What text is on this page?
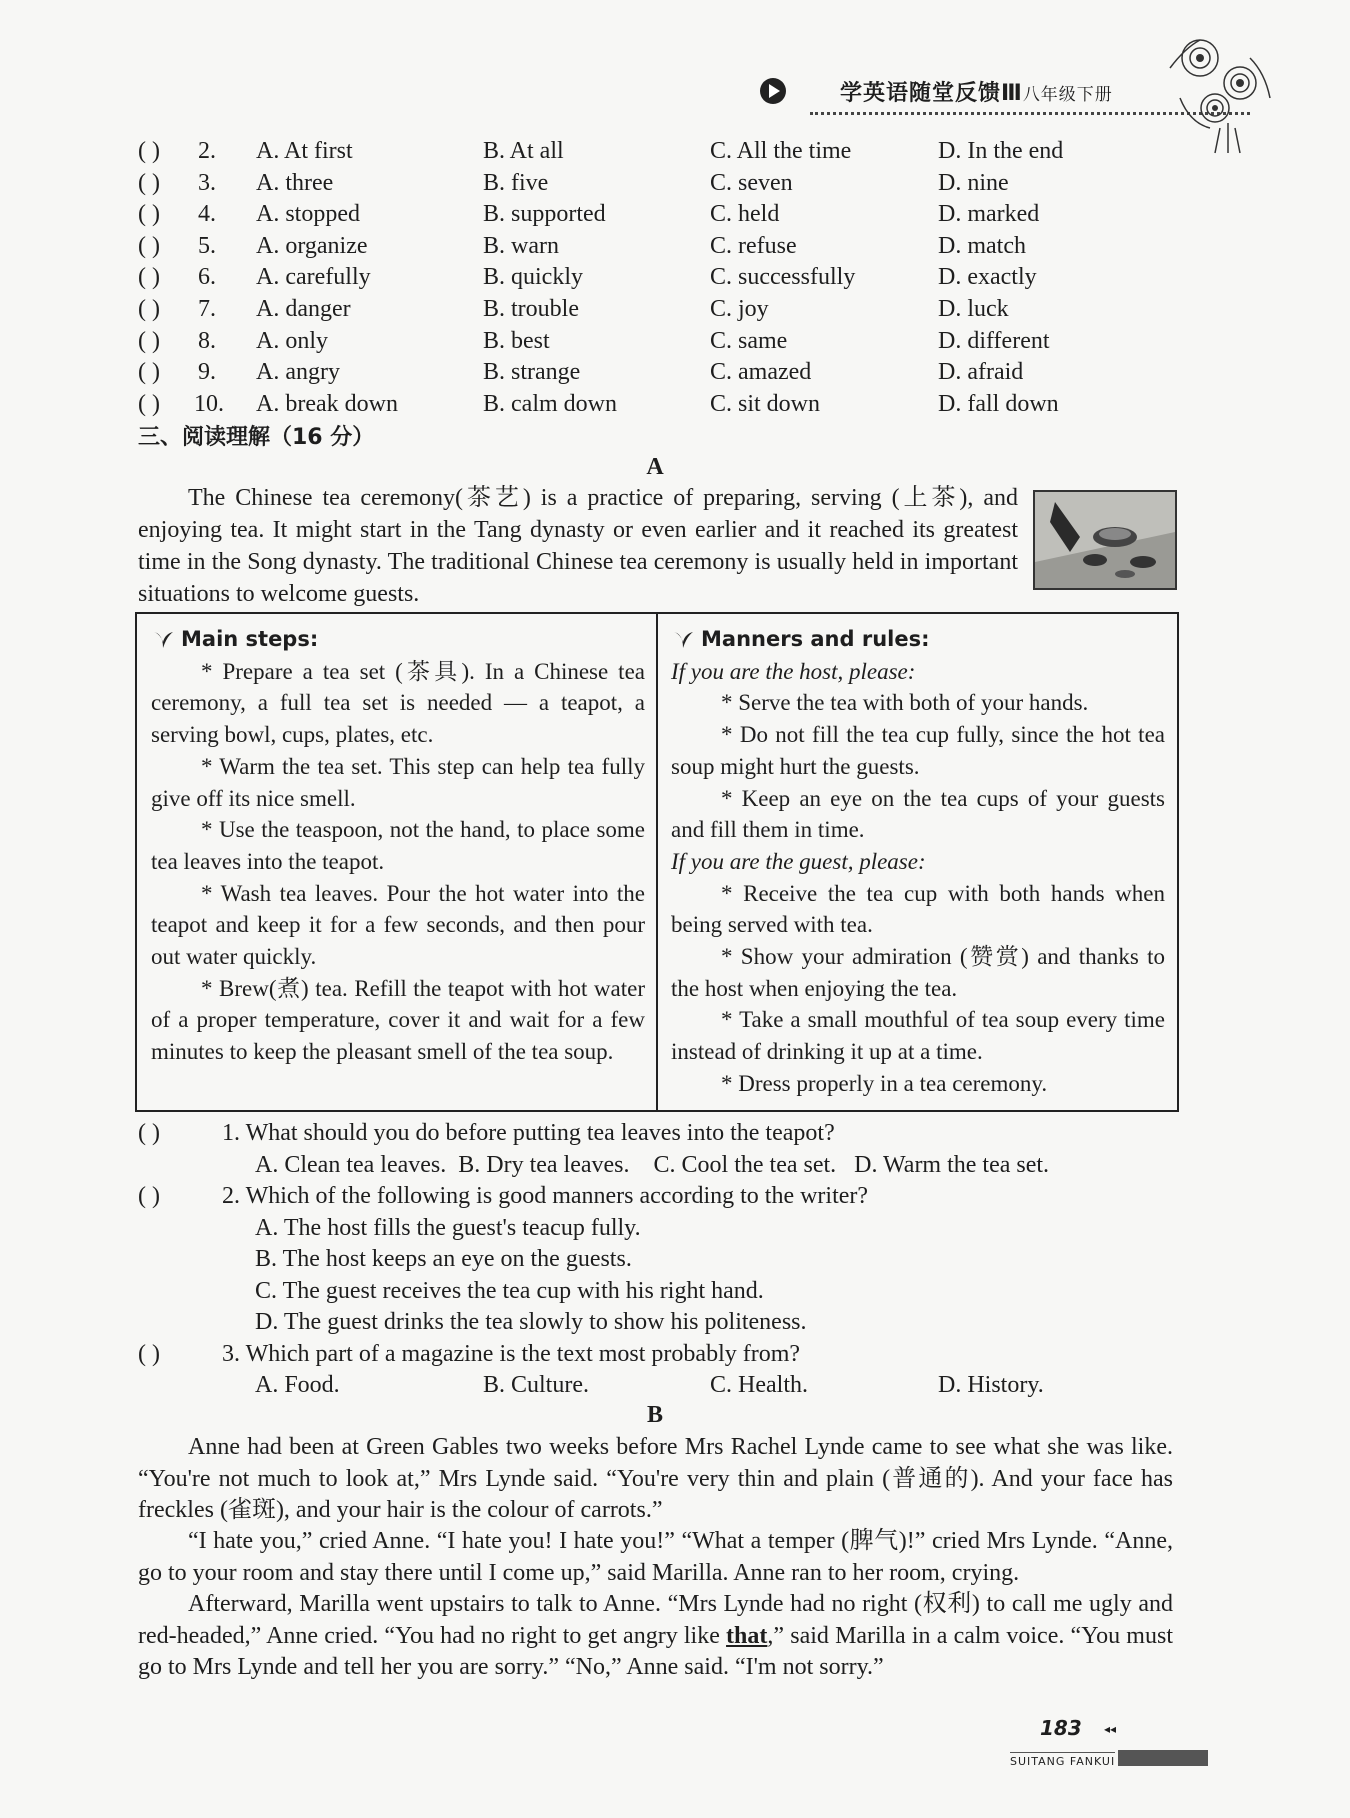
学英语随堂反馈Ⅲ八年级下册
( ) 2. A. At first	B. At all	C. All the time	D. In the end
( ) 3. A. three	B. five	C. seven	D. nine
( ) 4. A. stopped	B. supported	C. held	D. marked
( ) 5. A. organize	B. warn	C. refuse	D. match
( ) 6. A. carefully	B. quickly	C. successfully	D. exactly
( ) 7. A. danger	B. trouble	C. joy	D. luck
( ) 8. A. only	B. best	C. same	D. different
( ) 9. A. angry	B. strange	C. amazed	D. afraid
( ) 10. A. break down	B. calm down	C. sit down	D. fall down
三、阅读理解（16 分）
A
The Chinese tea ceremony(茶艺) is a practice of preparing, serving (上茶), and enjoying tea. It might start in the Tang dynasty or even earlier and it reached its greatest time in the Song dynasty. The traditional Chinese tea ceremony is usually held in important situations to welcome guests.
Main steps:

* Prepare a tea set (茶具). In a Chinese tea ceremony, a full tea set is needed — a teapot, a serving bowl, cups, plates, etc.

* Warm the tea set. This step can help tea fully give off its nice smell.

* Use the teaspoon, not the hand, to place some tea leaves into the teapot.

* Wash tea leaves. Pour the hot water into the teapot and keep it for a few seconds, and then pour out water quickly.

* Brew(煮) tea. Refill the teapot with hot water of a proper temperature, cover it and wait for a few minutes to keep the pleasant smell of the tea soup.

Manners and rules:

If you are the host, please:

* Serve the tea with both of your hands.

* Do not fill the tea cup fully, since the hot tea soup might hurt the guests.

* Keep an eye on the tea cups of your guests and fill them in time.

If you are the guest, please:

* Receive the tea cup with both hands when being served with tea.

* Show your admiration (赞赏) and thanks to the host when enjoying the tea.

* Take a small mouthful of tea soup every time instead of drinking it up at a time.

* Dress properly in a tea ceremony.

( )	1. What should you do before putting tea leaves into the teapot?
A. Clean tea leaves.  B. Dry tea leaves.    C. Cool the tea set.   D. Warm the tea set.
( )	2. Which of the following is good manners according to the writer?
A. The host fills the guest's teacup fully.
B. The host keeps an eye on the guests.
C. The guest receives the tea cup with his right hand.
D. The guest drinks the tea slowly to show his politeness.
( )	3. Which part of a magazine is the text most probably from?
A. Food.	B. Culture.	C. Health.	D. History.
B
Anne had been at Green Gables two weeks before Mrs Rachel Lynde came to see what she was like. “You're not much to look at,” Mrs Lynde said. “You're very thin and plain (普通的). And your face has freckles (雀斑), and your hair is the colour of carrots.”
“I hate you,” cried Anne. “I hate you! I hate you!” “What a temper (脾气)!” cried Mrs Lynde. “Anne, go to your room and stay there until I come up,” said Marilla. Anne ran to her room, crying.
Afterward, Marilla went upstairs to talk to Anne. “Mrs Lynde had no right (权利) to call me ugly and red-headed,” Anne cried. “You had no right to get angry like that,” said Marilla in a calm voice. “You must go to Mrs Lynde and tell her you are sorry.” “No,” Anne said. “I'm not sorry.”
183 ◂◂
SUITANG FANKUI
